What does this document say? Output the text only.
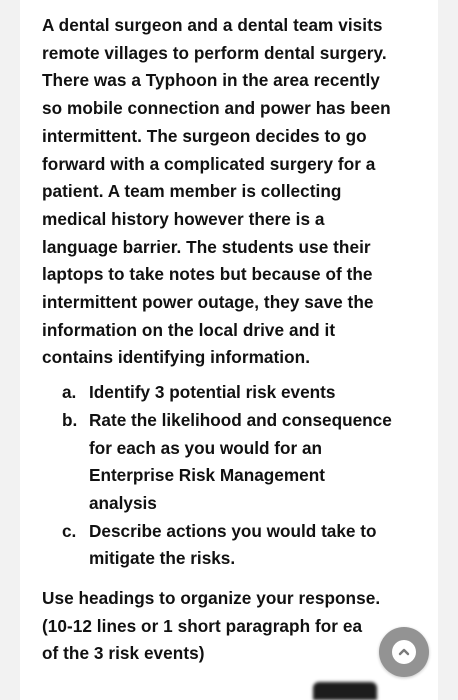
A dental surgeon and a dental team visits
remote villages to perform dental surgery.
There was a Typhoon in the area recently
so mobile connection and power has been
intermittent. The surgeon decides to go
forward with a complicated surgery for a
patient. A team member is collecting
medical history however there is a
language barrier. The students use their
laptops to take notes but because of the
intermittent power outage, they save the
information on the local drive and it
contains identifying information.

a. Identify 3 potential risk events
b. Rate the likelihood and consequence
for each as you would for an
Enterprise Risk Management
analysis
c. Describe actions you would take to
mitigate the risks.

Use headings to organize your response.
(10-12 lines or 1 short paragraph for ea
of the 3 risk events)
